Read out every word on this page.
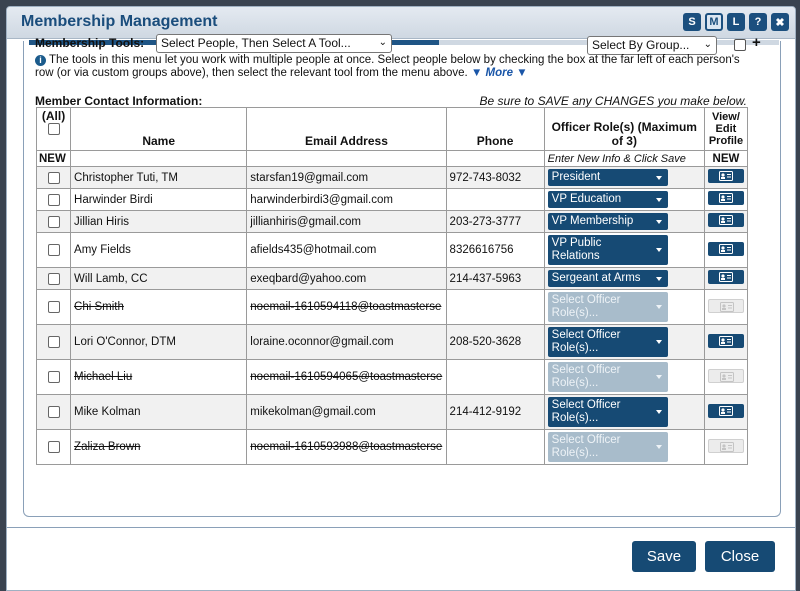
Membership Management	S	M	L	?	✖
Membership Tools:	Select People, Then Select A Tool...	⌄	Select By Group... ⌄	+
i The tools in this menu let you work with multiple people at once. Select people below by checking the box at the far left of each person's row (or via custom groups above), then select the relevant tool from the menu above. ▼ More ▼
Member Contact Information:	Be sure to SAVE any CHANGES you make below.
(All)	Name	Email Address	Phone	Officer Role(s) (Maximum of 3)	View/ Edit Profile
NEW				Enter New Info & Click Save	NEW

	Christopher Tuti, TM	starsfan19@gmail.com	972-743-8032	President

	Harwinder Birdi	harwinderbirdi3@gmail.com		VP Education

	Jillian Hiris	jillianhiris@gmail.com	203-273-3777	VP Membership

	Amy Fields	afields435@hotmail.com	8326616756	VP Public Relations

	Will Lamb, CC	exeqbard@yahoo.com	214-437-5963	Sergeant at Arms

	Chi Smith	noemail-1610594118@toastmasterse		Select Officer Role(s)...

	Lori O'Connor, DTM	loraine.oconnor@gmail.com	208-520-3628	Select Officer Role(s)...

	Michael Liu	noemail-1610594065@toastmasterse		Select Officer Role(s)...

	Mike Kolman	mikekolman@gmail.com	214-412-9192	Select Officer Role(s)...

	Zaliza Brown	noemail-1610593988@toastmasterse		Select Officer Role(s)...

Save	Close
